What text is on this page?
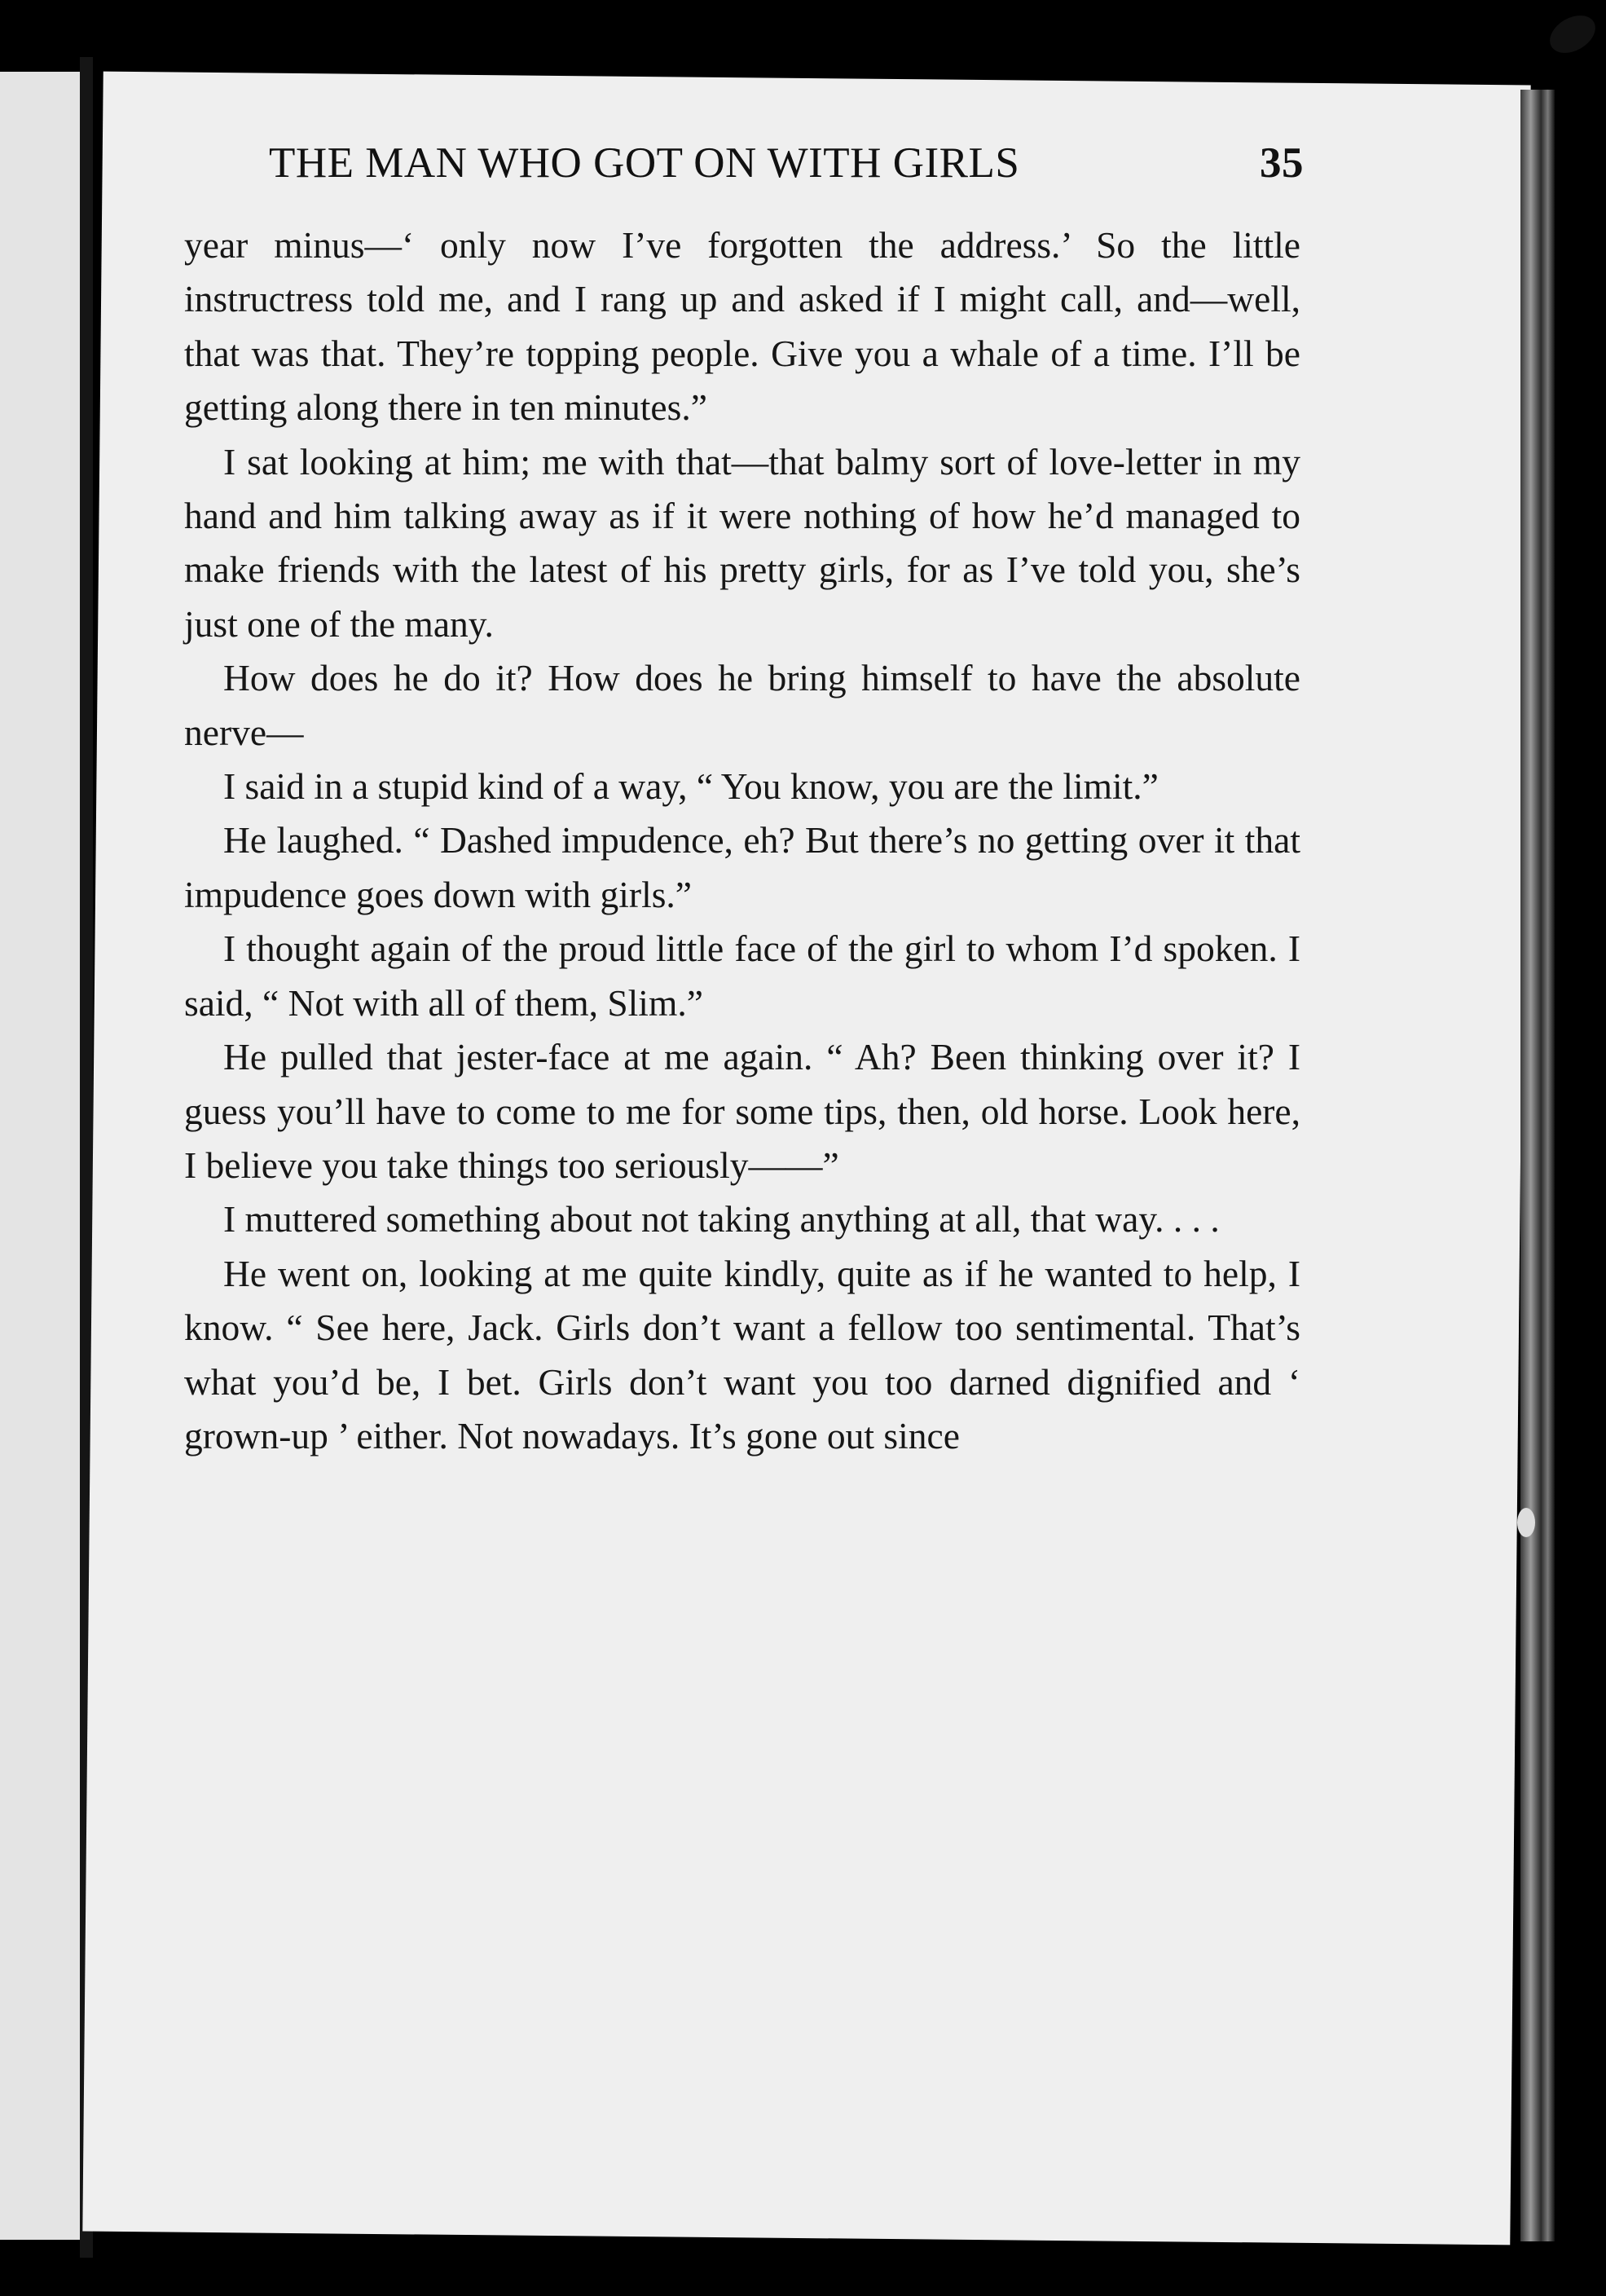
THE MAN WHO GOT ON WITH GIRLS	35

year minus—‘ only now I’ve forgotten the address.’ So the little instructress told me, and I rang up and asked if I might call, and—well, that was that. They’re topping people. Give you a whale of a time. I’ll be getting along there in ten minutes.”

I sat looking at him; me with that—that balmy sort of love-letter in my hand and him talking away as if it were nothing of how he’d managed to make friends with the latest of his pretty girls, for as I’ve told you, she’s just one of the many.

How does he do it? How does he bring himself to have the absolute nerve—

I said in a stupid kind of a way, “ You know, you are the limit.”

He laughed. “ Dashed impudence, eh? But there’s no getting over it that impudence goes down with girls.”

I thought again of the proud little face of the girl to whom I’d spoken. I said, “ Not with all of them, Slim.”

He pulled that jester-face at me again. “ Ah? Been thinking over it? I guess you’ll have to come to me for some tips, then, old horse. Look here, I believe you take things too seriously——”

I muttered something about not taking anything at all, that way. . . .

He went on, looking at me quite kindly, quite as if he wanted to help, I know. “ See here, Jack. Girls don’t want a fellow too sentimental. That’s what you’d be, I bet. Girls don’t want you too darned dignified and ‘ grown-up ’ either. Not nowadays. It’s gone out since
